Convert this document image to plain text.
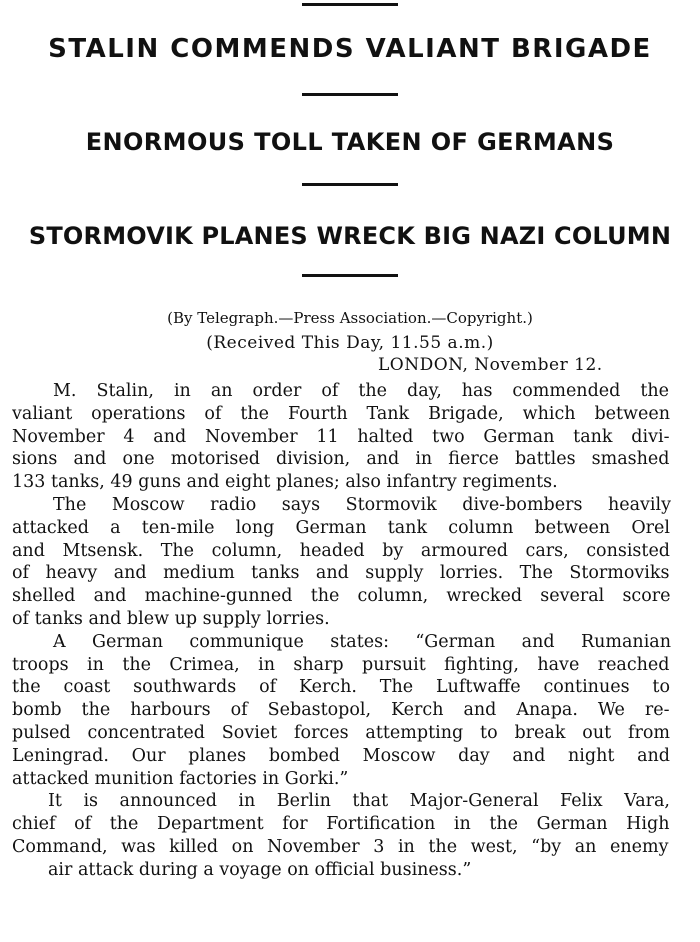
STALIN COMMENDS VALIANT BRIGADE
ENORMOUS TOLL TAKEN OF GERMANS
STORMOVIK PLANES WRECK BIG NAZI COLUMN
(By Telegraph.—Press Association.—Copyright.)
(Received This Day, 11.55 a.m.)
LONDON, November 12.
M. Stalin, in an order of the day, has commended the
valiant operations of the Fourth Tank Brigade, which between
November 4 and November 11 halted two German tank divi-
sions and one motorised division, and in fierce battles smashed
133 tanks, 49 guns and eight planes; also infantry regiments.
The Moscow radio says Stormovik dive-bombers heavily
attacked a ten-mile long German tank column between Orel
and Mtsensk. The column, headed by armoured cars, consisted
of heavy and medium tanks and supply lorries. The Stormoviks
shelled and machine-gunned the column, wrecked several score
of tanks and blew up supply lorries.
A German communique states: “German and Rumanian
troops in the Crimea, in sharp pursuit fighting, have reached
the coast southwards of Kerch. The Luftwaffe continues to
bomb the harbours of Sebastopol, Kerch and Anapa. We re-
pulsed concentrated Soviet forces attempting to break out from
Leningrad. Our planes bombed Moscow day and night and
attacked munition factories in Gorki.”
It is announced in Berlin that Major-General Felix Vara,
chief of the Department for Fortification in the German High
Command, was killed on November 3 in the west, “by an enemy
air attack during a voyage on official business.”
